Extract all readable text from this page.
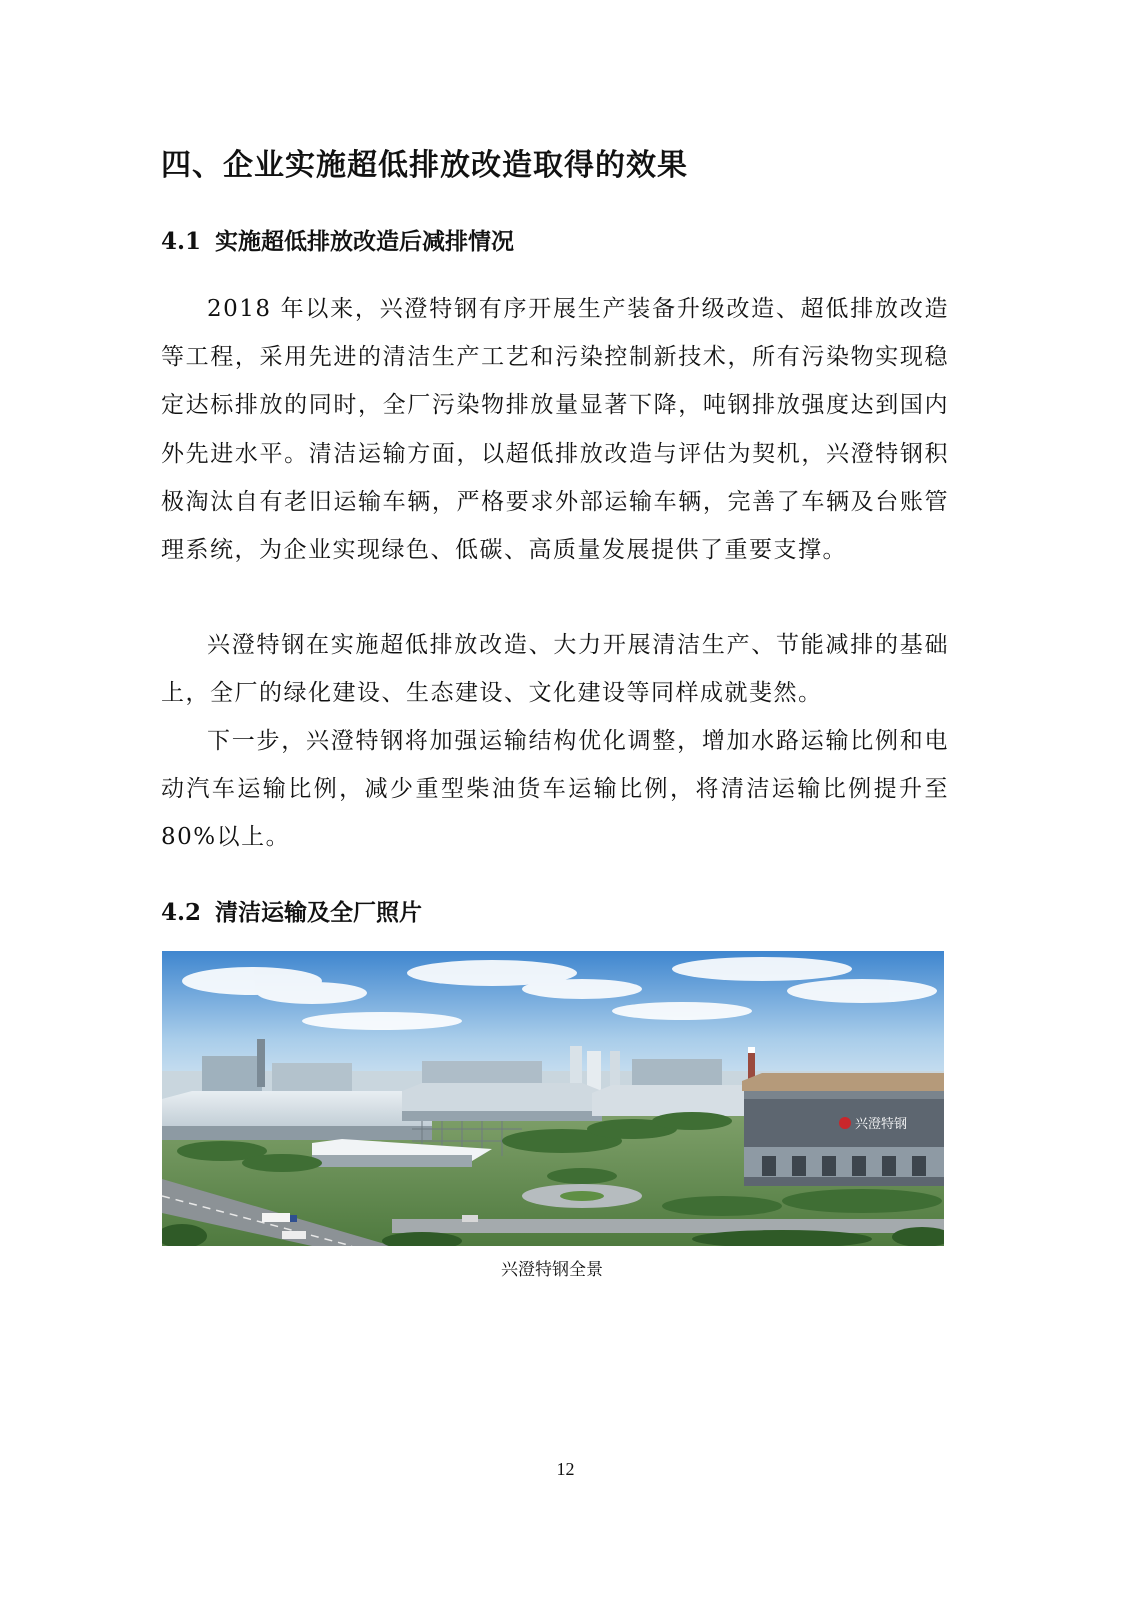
四、企业实施超低排放改造取得的效果
4.1 实施超低排放改造后减排情况

2018 年以来，兴澄特钢有序开展生产装备升级改造、超低排放改造等工程，采用先进的清洁生产工艺和污染控制新技术，所有污染物实现稳定达标排放的同时，全厂污染物排放量显著下降，吨钢排放强度达到国内外先进水平。清洁运输方面，以超低排放改造与评估为契机，兴澄特钢积极淘汰自有老旧运输车辆，严格要求外部运输车辆，完善了车辆及台账管理系统，为企业实现绿色、低碳、高质量发展提供了重要支撑。

兴澄特钢在实施超低排放改造、大力开展清洁生产、节能减排的基础上，全厂的绿化建设、生态建设、文化建设等同样成就斐然。

下一步，兴澄特钢将加强运输结构优化调整，增加水路运输比例和电动汽车运输比例，减少重型柴油货车运输比例，将清洁运输比例提升至 80%以上。

4.2 清洁运输及全厂照片
兴澄特钢

兴澄特钢全景

12
